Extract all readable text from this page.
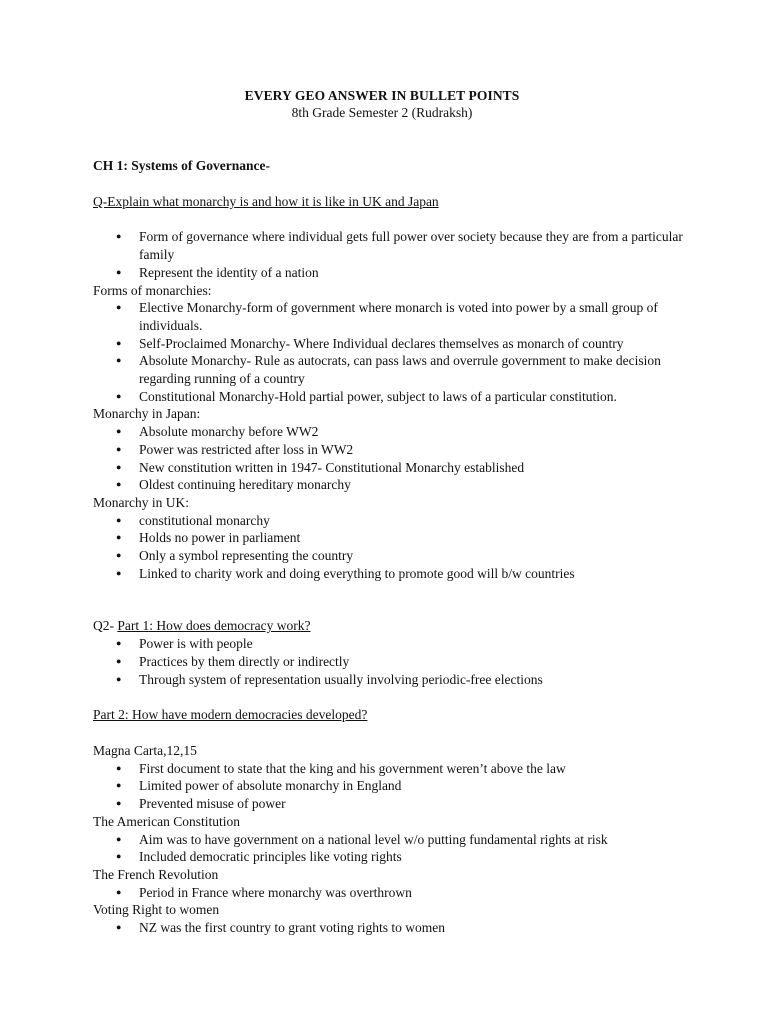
EVERY GEO ANSWER IN BULLET POINTS
8th Grade Semester 2 (Rudraksh)

CH 1: Systems of Governance-

Q-Explain what monarchy is and how it is like in UK and Japan

● Form of governance where individual gets full power over society because they are from a particular family
● Represent the identity of a nation

Forms of monarchies:

● Elective Monarchy-form of government where monarch is voted into power by a small group of individuals.
● Self-Proclaimed Monarchy- Where Individual declares themselves as monarch of country
● Absolute Monarchy- Rule as autocrats, can pass laws and overrule government to make decision regarding running of a country
● Constitutional Monarchy-Hold partial power, subject to laws of a particular constitution.

Monarchy in Japan:

● Absolute monarchy before WW2
● Power was restricted after loss in WW2
● New constitution written in 1947- Constitutional Monarchy established
● Oldest continuing hereditary monarchy

Monarchy in UK:

● constitutional monarchy
● Holds no power in parliament
● Only a symbol representing the country
● Linked to charity work and doing everything to promote good will b/w countries

Q2- Part 1: How does democracy work?

● Power is with people
● Practices by them directly or indirectly
● Through system of representation usually involving periodic-free elections

Part 2: How have modern democracies developed?

Magna Carta,12,15

● First document to state that the king and his government weren’t above the law
● Limited power of absolute monarchy in England
● Prevented misuse of power

The American Constitution

● Aim was to have government on a national level w/o putting fundamental rights at risk
● Included democratic principles like voting rights

The French Revolution

● Period in France where monarchy was overthrown

Voting Right to women

● NZ was the first country to grant voting rights to women
